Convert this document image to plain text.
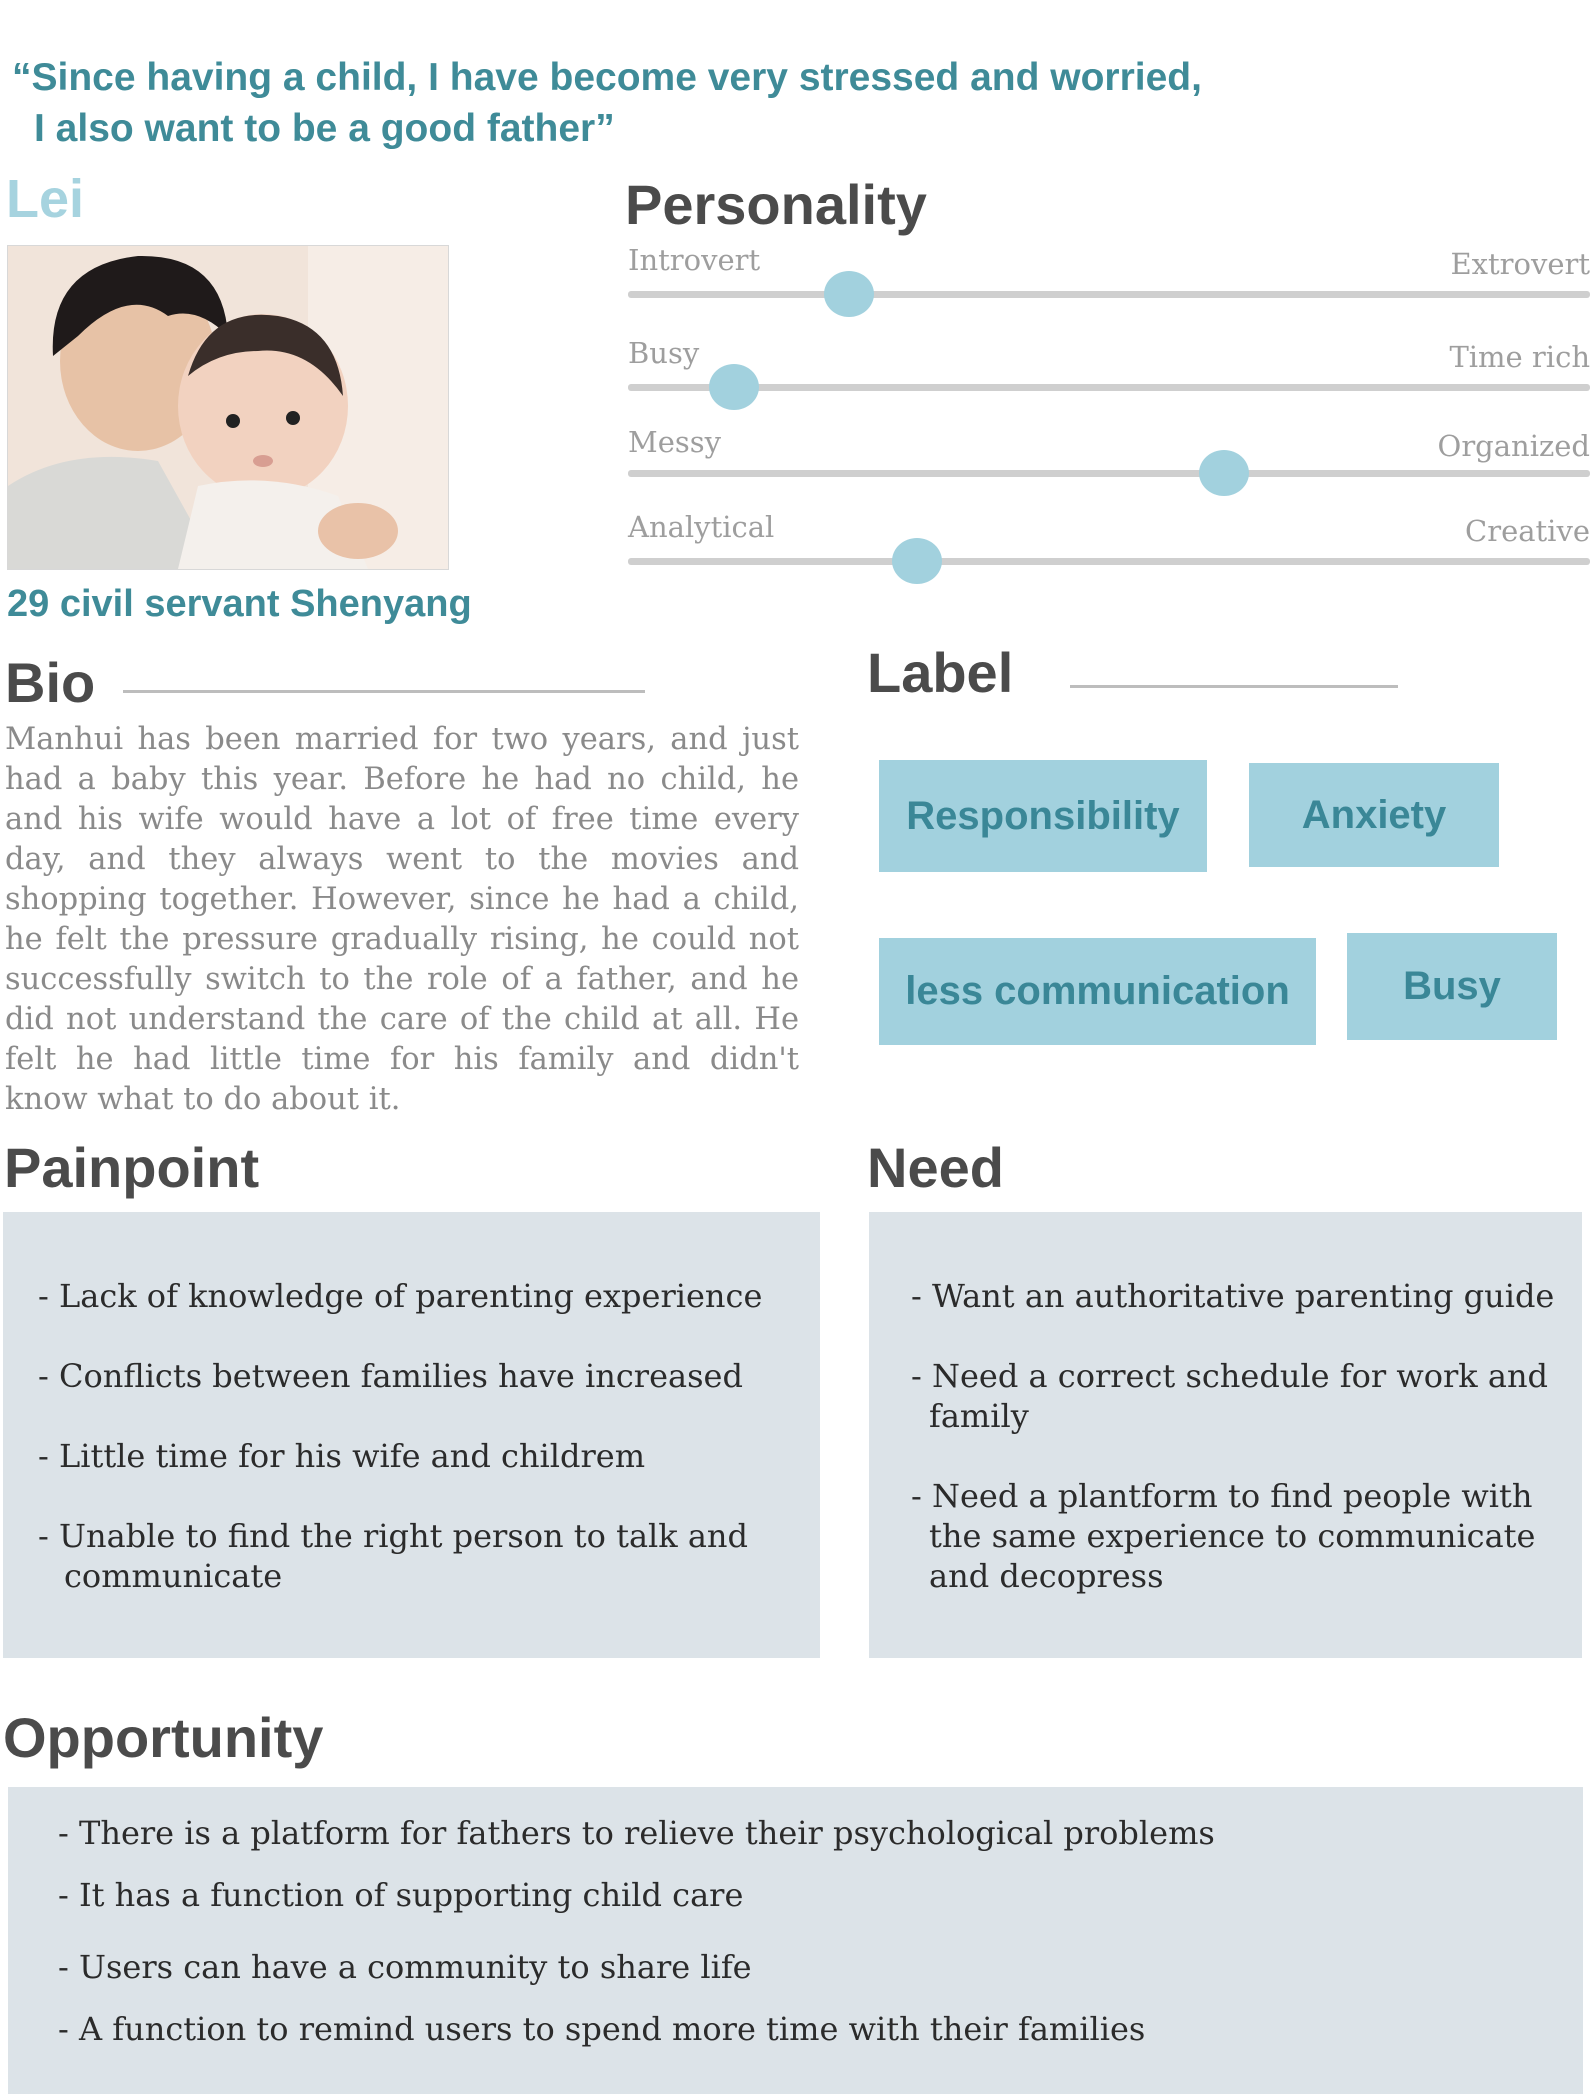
“Since having a child, I have become very stressed and worried,
I also want to be a good father”
Lei
29 civil servant Shenyang
Personality
Introvert	Extrovert
Busy	Time rich
Messy	Organized
Analytical	Creative
Bio
Manhui has been married for two years, and just had a baby this year. Before he had no child, he and his wife would have a lot of free time every day, and they always went to the movies and shopping together. However, since he had a child, he felt the pressure gradually rising, he could not successfully switch to the role of a father, and he did not understand the care of the child at all. He felt he had little time for his family and didn't know what to do about it.
Label
Responsibility	Anxiety
less communication	Busy
Painpoint
- Lack of knowledge of parenting experience
- Conflicts between families have increased
- Little time for his wife and childrem
- Unable to find the right person to talk and
communicate
Need
- Want an authoritative parenting guide
- Need a correct schedule for work and
family
- Need a plantform to find people with
the same experience to communicate
and decopress
Opportunity
- There is a platform for fathers to relieve their psychological problems
- It has a function of supporting child care
- Users can have a community to share life
- A function to remind users to spend more time with their families
